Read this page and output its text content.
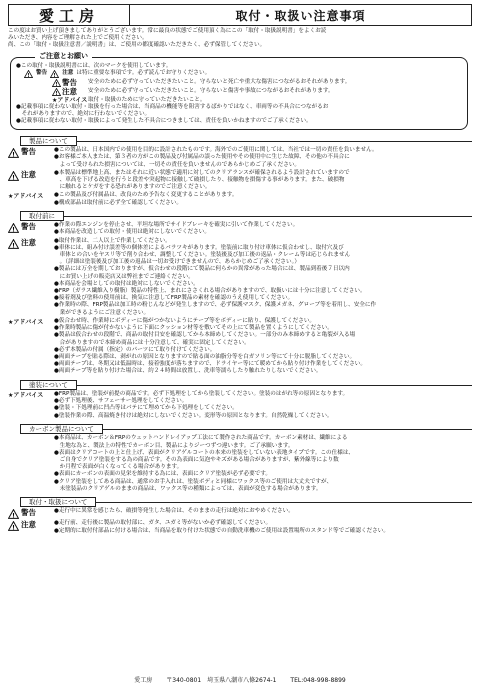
愛工房	取付・取扱い注意事項

この度はお買い上げ頂きましてありがとうございます。常に最良の状態でご使用頂く為にこの「取付・取扱説明書」をよくお読

みいただき、内容をご理解された上でご使用ください。

尚、この「取付・取扱注意書／説明書」は、ご使用の都度確認いただきたく、必ず保管してください。

ご注意とお願い

●この取付・取扱説明書には、次のマークを使用しています。

! 警告 ! 注意 は特に重要な事項です。必ず読んでお守りください。
! 警告 安全のために必ず守っていただきたいこと。守らないと死亡や重大な傷害につながるおそれがあります。
! 注意 安全のために必ず守っていただきたいこと。守らないと傷害や事故につながるおそれがあります。
★アドバイス 取付・取扱のために守っていただきたいこと。

●記載事項に従わない取付・取扱を行った場合は、当商品の機能等を阻害するばかりではなく、車両等の不具合につながるお

　それがありますので、絶対に行わないでください。

●記載事項に従わない取付・取扱によって発生した不具合につきましては、責任を負いかねますのでご了承ください。

製品について
! 警告	●この製品は、日本国内での使用を目的に設計されたものです。海外でのご使用に関しては、当社では一切の責任を負いません。

●お客様ご本人または、第３者の方がこの製品及び付属品の誤った使用やその使用中に生じた故障、その他の不具合に

　よって受けられた損害については、一切その責任を負いませんのであらかじめご了承ください。

! 注意	●本製品は標準地上高、またはそれに近い状態で適用に対してのクリアランスが確保されるよう設計されていますので

　、車高を下げる改造を行うと段差や突起物に接触して破損したり、接触物を損傷する事があります。また、破損物

　に触れるとケガをする恐れがありますのでご注意ください。

★アドバイス ●この製品及び付属品は、改良のため予告なく変更することがあります。

●構成部品は取付前に必ず全て確認してください。

取付前に
! 警告	●作業の際エンジンを停止させ、平坦な場所でサイドブレーキを確実に引いて作業してください。

●本商品を改造しての取付・使用は絶対にしないでください。

! 注意	●取付作業は、二人以上で作業してください。

●車体には、組み付け誤差等の個体差によるバラツキがあります。塗装前に取り付け車体に仮合わせし、取付穴及び

　車体との合いをヤスリ等で削り合わせ、調整してください。塗装後及び加工後の返品・クレーム等は応じられません

　。（詳細は塗装後及び加工後の返品は一切お受けできませんので、あらかじめご了承ください。）

●製品には万全を期しておりますが、仮合わせの段階にて製品に何らかの異常があった場合には、製品到着後７日以内

　にお買い上げの販売店又は弊社までご連絡ください。

●本商品を会場としての取付は絶対にしないでください。

●FRP（ガラス繊維入り樹脂）製品の特性上、まれにささくれる場合がありますので、取扱いには十分に注意してください。

●接着剤及び塗料の使用前は、換気に注意してFRP製品の素材を確認のうえ使用してください。

●作業時の際、FRP製品は加工時の粉じんなどが発生しますので、必ず保護マスク、保護メガネ、グローブ等を着用し、安全に作

　業ができるようにご注意ください。

★アドバイス ●仮合わせ時、作業時にボディーに傷がつかないようにテープ等をボディーに貼り、保護してください。

●作業時製品に傷が付かないように下面にクッション材等を敷いてその上にて製品を置くようにしてください。

●製品は仮合わせの段階で、商品の取付目安を確認してから本締めしてください。一部分のみ本締めすると亀裂が入る場

　合がありますので本締め商品には十分注意して、確実に固定してください。

●必ず本製品の付属（指定）のパーツにて取り付けてください。

●両面テープを貼る際は、剥がれの原因となりますので貼る面の油脂分等を白ガソリン等にて十分に脱脂してください。

●両面テープは、冬期又は低温時は、接着強度が落ちますので、ドライヤー等にて暖めてから貼り付け作業をしてください。

●両面テープ等を貼り付けた場合は、約２４時間は放置し、洗車等濡らしたり触れたりしないでください。

塗装について
★アドバイス ●FRP製品は、塗装が前提の商品です。必ず下処理をしてから塗装してください。塗装のはがれ等の原因となります。

●必ず下処理後、サフェーサー処理をしてください。

●塗装・下処理前に凹凸等はパテにて埋めてから下処理をしてください。

●塗装作業の際、高温焼き付けは絶対にしないでください。変形等の原因となります。自然乾燥してください。

カーボン製品について

●本商品は、カーボン＆FRPのウェットハンドレイアップ工法にて製作された商品です。カーボン素材は、繊維による

　生地な為と、製法上の特性でカーボン目、製品によりジーつずつ違います。ご了承願います。

●表面はクリアコートの上と仕上げ、表面がクリアゲルコートの本来の塗装をしていない表地タイプです。この仕様は、

　ご自身でクリア塗装をする為の商品です。その為表面に気泡やキズがある場合がありますが、紫外線等により数

　か月程で表面が白くなってくる場合があります。

●表面にカーボンの表面の見栄を維持する為には、表面にクリア塗装が必ず必要です。

●クリア塗装をしてある商品は、通常のお手入れは、塗装ボディと同様にワックス等のご使用は大丈夫ですが、

　未塗装品のクリアゲルのままの商品は、ワックス等の種類によっては、表面が変色する場合があります。

取付・取扱について
! 警告	●走行中に異常を感じたら、破損等発生した場合は、そのままの走行は絶対におやめください。

! 注意	●走行前、走行後に製品の取付部に、ガタ、ユガミ等がないか必ず確認してください。

●定期的に取付付部品に付ける場合は、当商品を取り付けた状態での自動洗車機のご使用は設置場所のスタンド等でご確認ください。

愛工房 〒340-0801　埼玉県八潮市八條2674-1 TEL:048-998-8899
